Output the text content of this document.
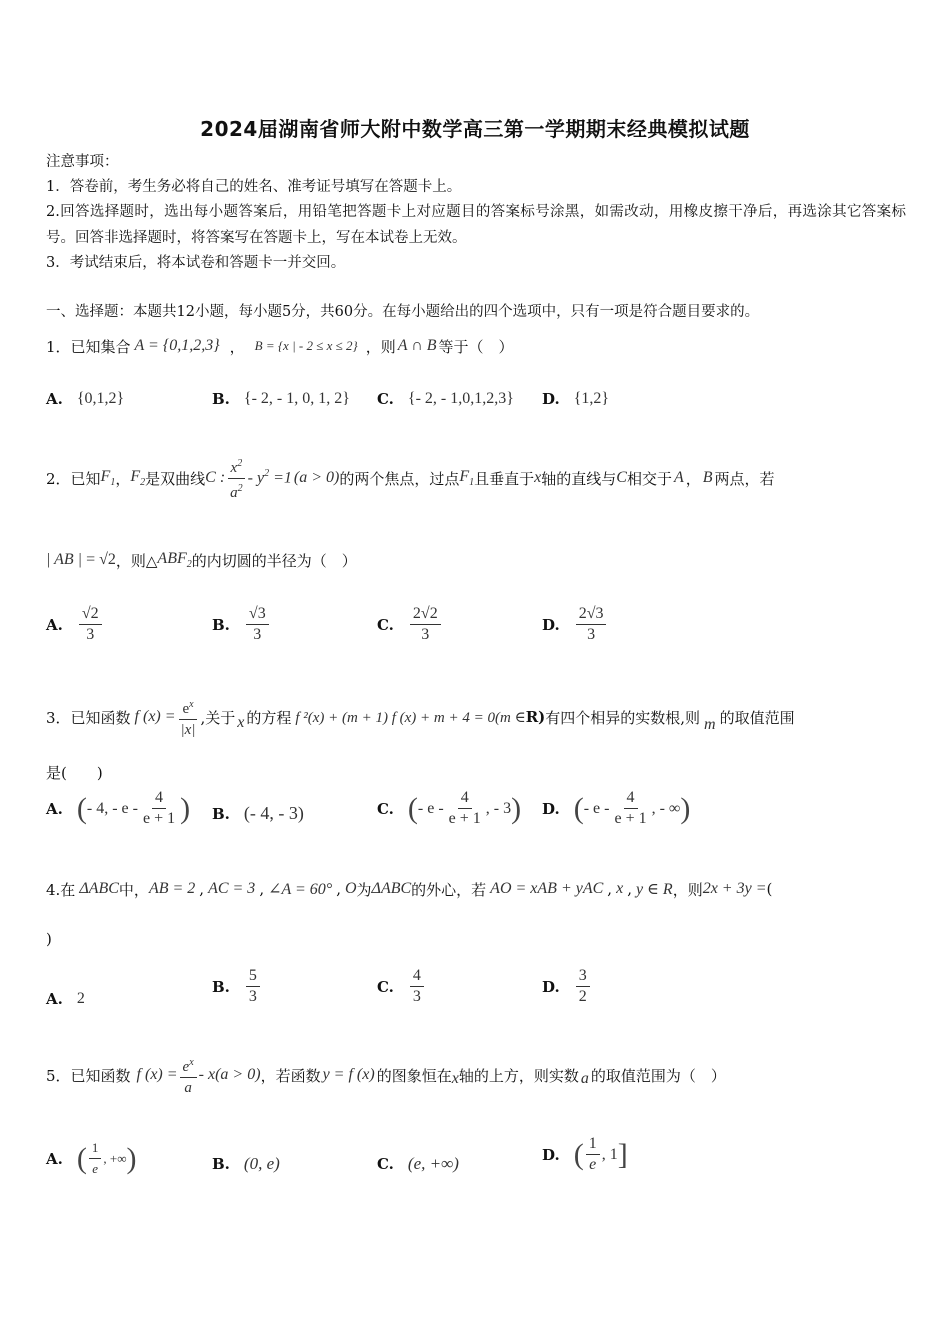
2024届湖南省师大附中数学高三第一学期期末经典模拟试题
注意事项：
1．答卷前，考生务必将自己的姓名、准考证号填写在答题卡上。
2.回答选择题时，选出每小题答案后，用铅笔把答题卡上对应题目的答案标号涂黑，如需改动，用橡皮擦干净后，再选涂其它答案标号。回答非选择题时，将答案写在答题卡上，写在本试卷上无效。
3．考试结束后，将本试卷和答题卡一并交回。
一、选择题：本题共12小题，每小题5分，共60分。在每小题给出的四个选项中，只有一项是符合题目要求的。
1．已知集合 A = {0,1,2,3} ， B = {x | - 2 ≤ x ≤ 2} ，则 A ∩ B 等于（　）
A. {0,1,2}	B. {- 2, - 1, 0, 1, 2} C. {- 2, - 1,0,1,2,3} D. {1,2}
2．已知 $F_1$ ， $F_2$ 是双曲线 C : $\frac{x^2}{a^2} - y^2 =1$ (a > 0) 的两个焦点，过点 $F_1$ 且垂直于 x 轴的直线与 C 相交于 A ， B 两点，若
| AB | = √2 ，则△ $ABF_2$ 的内切圆的半径为（　）
A. $\frac{√2}{3}$	B. $\frac{√3}{3}$	C. $\frac{2√2}{3}$	D. $\frac{2√3}{3}$
3．已知函数 f $(x) = \frac{e^x}{|x|}$ ,关于 x 的方程 f ²(x) + (m + 1) f (x) + m + 4 = 0(m ∈ R) 有四个相异的实数根,则 m 的取值范围
是(　　)
A. ( - 4, - e - $\frac{4}{e + 1}$ ) B. (- 4, - 3)	C. ( - e - $\frac{4}{e + 1}$ , - 3 ) D. ( - e - $\frac{4}{e + 1}$ , - ∞ )
4.在 ΔABC 中， AB = 2 , AC = 3 , ∠A = 60° , O 为 ΔABC 的外心，若 AO = xAB + yAC , x , y ∈ R ，则 2x + 3y = (
)
A. 2
B. $\frac{5}{3}$	C. $\frac{4}{3}$	D. $\frac{3}{2}$
5．已知函数 f $(x) = \frac{e^x}{a} - x(a > 0)$ ，若函数 y = f (x) 的图象恒在 x 轴的上方，则实数 a 的取值范围为（　）
A. ( $\frac{1}{e}$ , +∞ )	B. (0, e)	C. (e, +∞)	D. ( $\frac{1}{e}$ , 1 ]
